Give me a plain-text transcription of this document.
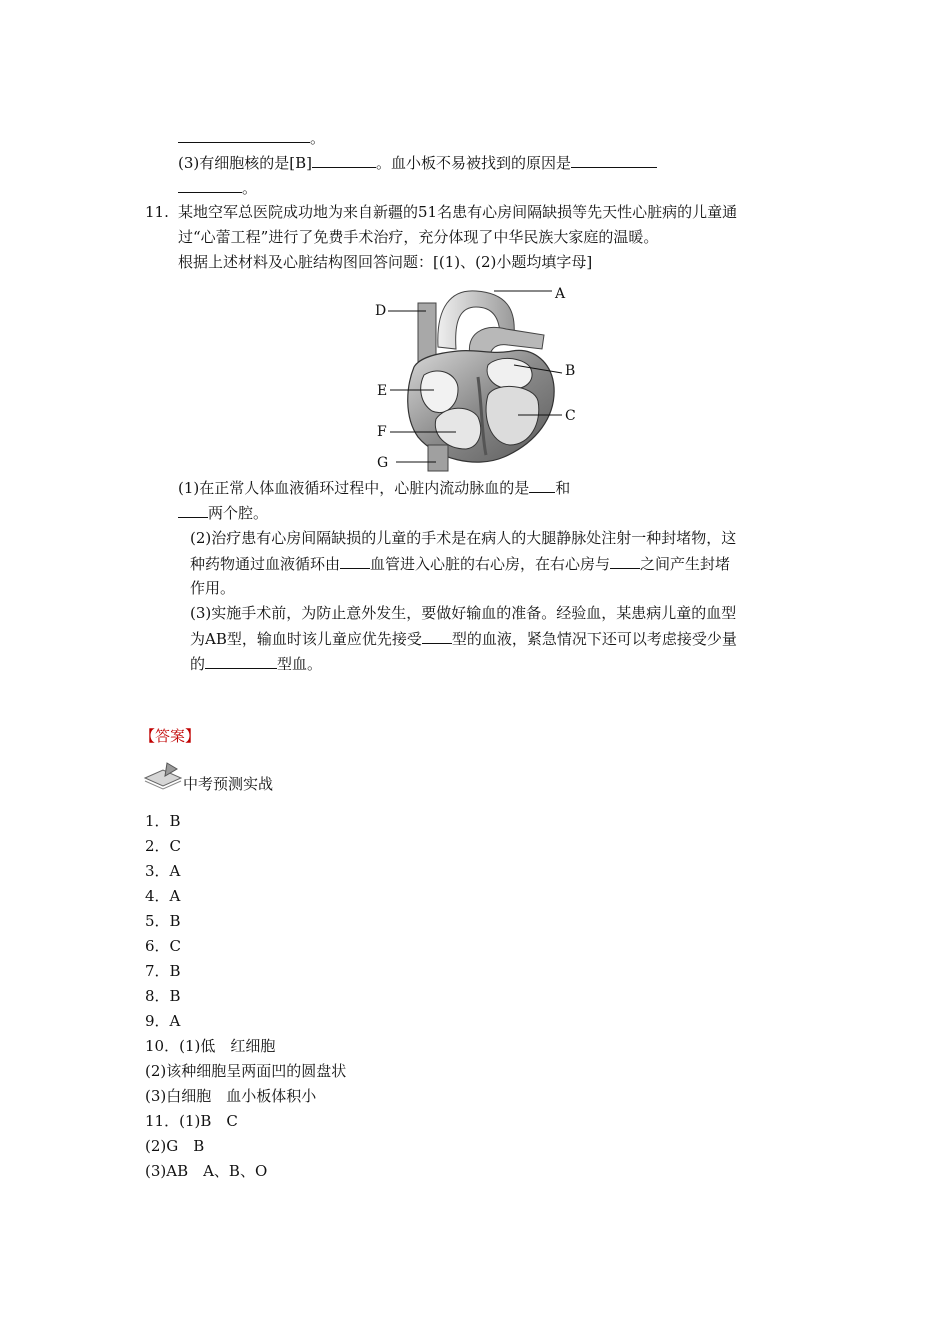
。
(3)有细胞核的是[B]	。血小板不易被找到的原因是
。
11. 某地空军总医院成功地为来自新疆的51名患有心房间隔缺损等先天性心脏病的儿童通
过“心蕾工程”进行了免费手术治疗，充分体现了中华民族大家庭的温暖。
根据上述材料及心脏结构图回答问题：[(1)、(2)小题均填字母]
A
B
C
D
E
F
G
(1)在正常人体血液循环过程中，心脏内流动脉血的是 和
两个腔。
(2)治疗患有心房间隔缺损的儿童的手术是在病人的大腿静脉处注射一种封堵物，这
种药物通过血液循环由 血管进入心脏的右心房，在右心房与 之间产生封堵
作用。
(3)实施手术前，为防止意外发生，要做好输血的准备。经验血，某患病儿童的血型
为AB型，输血时该儿童应优先接受 型的血液，紧急情况下还可以考虑接受少量
的	型血。
【答案】
中考预测实战
1．B
2．C
3．A
4．A
5．B
6．C
7．B
8．B
9．A
10．(1)低　红细胞
(2)该种细胞呈两面凹的圆盘状
(3)白细胞　血小板体积小
11．(1)B　C
(2)G　B
(3)AB　A、B、O
